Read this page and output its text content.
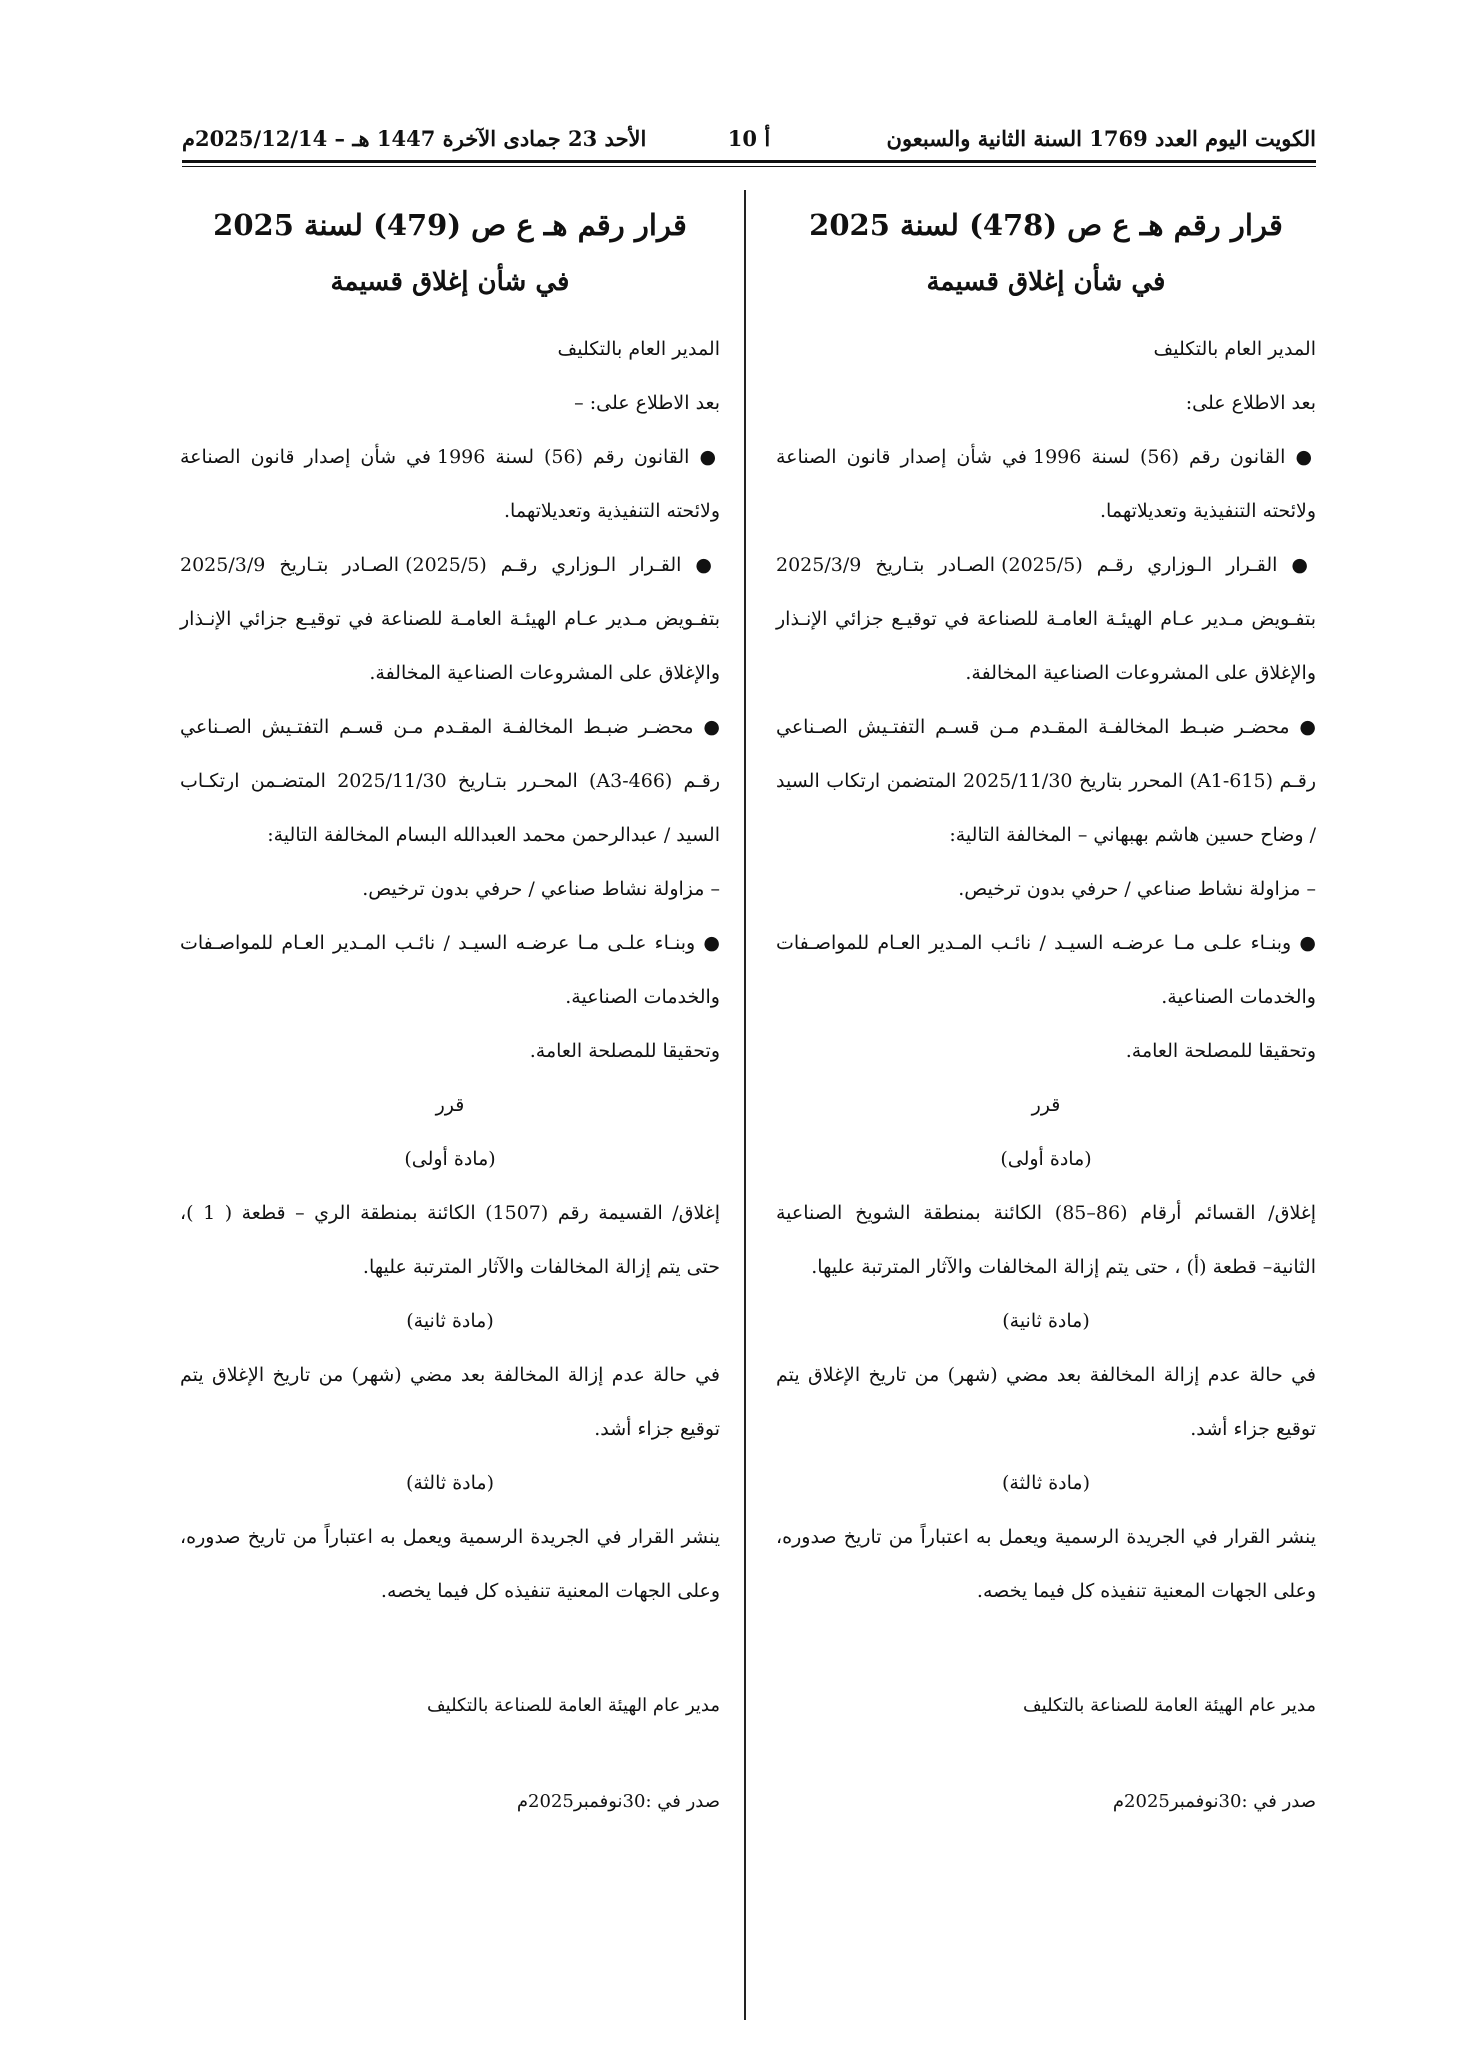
الكويت اليوم العدد 1769 السنة الثانية والسبعون
أ 10
الأحد 23 جمادى الآخرة 1447 هـ – 2025/12/14م
قرار رقم هـ ع ص (478) لسنة 2025
في شأن إغلاق قسيمة
المدير العام بالتكليف
بعد الاطلاع على:
● القانون رقم (56) لسنة 1996 في شأن إصدار قانون الصناعة ولائحته التنفيذية وتعديلاتهما.
● القـرار الـوزاري رقـم (2025/5) الصـادر بتـاريخ 2025/3/9 بتفـويض مـدير عـام الهيئـة العامـة للصناعة في توقيـع جزائي الإنـذار والإغلاق على المشروعات الصناعية المخالفة.
● محضـر ضبـط المخالفـة المقـدم مـن قسـم التفتـيش الصـناعي رقـم (A1-615) المحرر بتاريخ 2025/11/30 المتضمن ارتكاب السيد / وضاح حسين هاشم بهبهاني – المخالفة التالية:
– مزاولة نشاط صناعي / حرفي بدون ترخيص.
● وبنـاء علـى مـا عرضـه السيـد / نائـب المـدير العـام للمواصـفات والخدمات الصناعية.
وتحقيقا للمصلحة العامة.
قرر
(مادة أولى)
إغلاق/ القسائم أرقام (86–85) الكائنة بمنطقة الشويخ الصناعية الثانية– قطعة (أ) ، حتى يتم إزالة المخالفات والآثار المترتبة عليها.
(مادة ثانية)
في حالة عدم إزالة المخالفة بعد مضي (شهر) من تاريخ الإغلاق يتم توقيع جزاء أشد.
(مادة ثالثة)
ينشر القرار في الجريدة الرسمية ويعمل به اعتباراً من تاريخ صدوره، وعلى الجهات المعنية تنفيذه كل فيما يخصه.
مدير عام الهيئة العامة للصناعة بالتكليف
صدر في :30نوفمبر2025م
قرار رقم هـ ع ص (479) لسنة 2025
في شأن إغلاق قسيمة
المدير العام بالتكليف
بعد الاطلاع على: –
● القانون رقم (56) لسنة 1996 في شأن إصدار قانون الصناعة ولائحته التنفيذية وتعديلاتهما.
● القـرار الـوزاري رقـم (2025/5) الصـادر بتـاريخ 2025/3/9 بتفـويض مـدير عـام الهيئـة العامـة للصناعة في توقيـع جزائي الإنـذار والإغلاق على المشروعات الصناعية المخالفة.
● محضـر ضبـط المخالفـة المقـدم مـن قسـم التفتـيش الصـناعي رقـم (A3-466) المحـرر بتـاريخ 2025/11/30 المتضـمن ارتكـاب السيد / عبدالرحمن محمد العبدالله البسام المخالفة التالية:
– مزاولة نشاط صناعي / حرفي بدون ترخيص.
● وبنـاء علـى مـا عرضـه السيـد / نائـب المـدير العـام للمواصـفات والخدمات الصناعية.
وتحقيقا للمصلحة العامة.
قرر
(مادة أولى)
إغلاق/ القسيمة رقم (1507) الكائنة بمنطقة الري – قطعة ( 1 )، حتى يتم إزالة المخالفات والآثار المترتبة عليها.
(مادة ثانية)
في حالة عدم إزالة المخالفة بعد مضي (شهر) من تاريخ الإغلاق يتم توقيع جزاء أشد.
(مادة ثالثة)
ينشر القرار في الجريدة الرسمية ويعمل به اعتباراً من تاريخ صدوره، وعلى الجهات المعنية تنفيذه كل فيما يخصه.
مدير عام الهيئة العامة للصناعة بالتكليف
صدر في :30نوفمبر2025م
